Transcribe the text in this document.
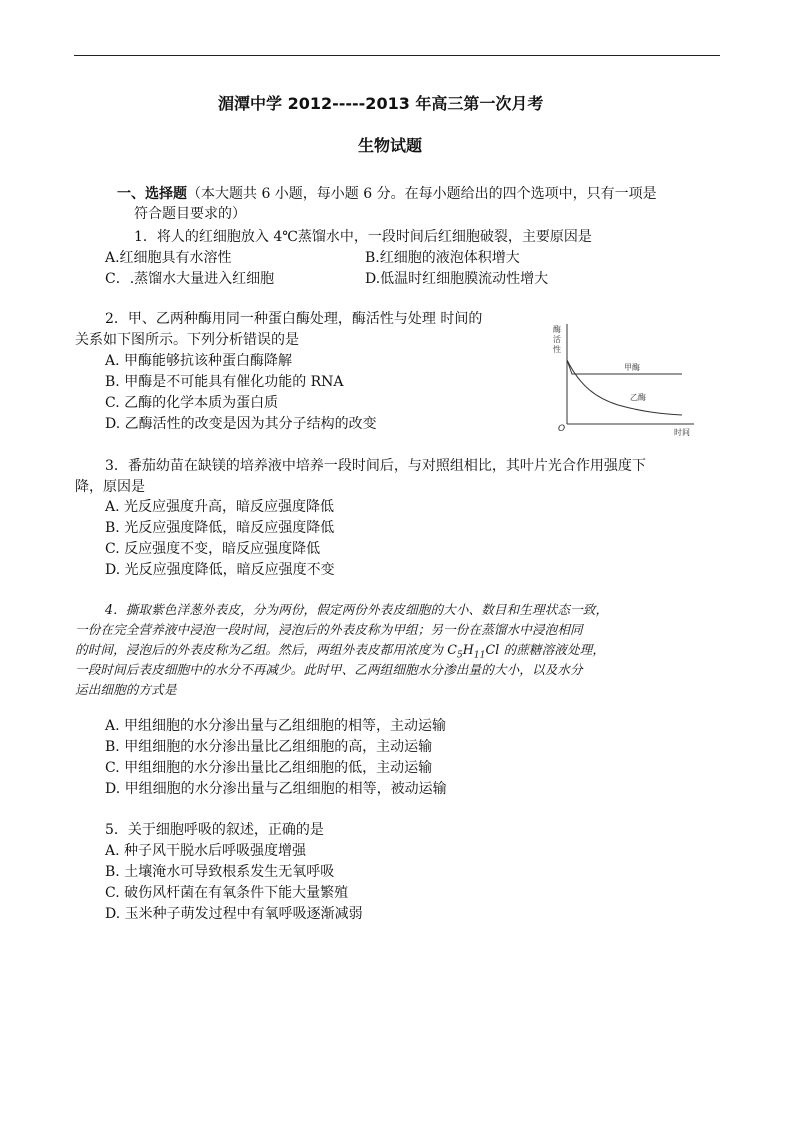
湄潭中学 2012-----2013 年高三第一次月考
生物试题
一、选择题（本大题共 6 小题，每小题 6 分。在每小题给出的四个选项中，只有一项是
符合题目要求的）
1．将人的红细胞放入 4℃蒸馏水中，一段时间后红细胞破裂，主要原因是
A.红细胞具有水溶性	B.红细胞的液泡体积增大
C．.蒸馏水大量进入红细胞	D.低温时红细胞膜流动性增大
2．甲、乙两种酶用同一种蛋白酶处理，酶活性与处理 时间的
关系如下图所示。下列分析错误的是
A. 甲酶能够抗该种蛋白酶降解
B. 甲酶是不可能具有催化功能的 RNA
C. 乙酶的化学本质为蛋白质
D. 乙酶活性的改变是因为其分子结构的改变
酶
活
性
O	时间
甲酶
乙酶
3．番茄幼苗在缺镁的培养液中培养一段时间后，与对照组相比，其叶片光合作用强度下
降，原因是
A. 光反应强度升高，暗反应强度降低
B. 光反应强度降低，暗反应强度降低
C. 反应强度不变，暗反应强度降低
D. 光反应强度降低，暗反应强度不变
4．撕取紫色洋葱外表皮，分为两份，假定两份外表皮细胞的大小、数目和生理状态一致，
一份在完全营养液中浸泡一段时间，浸泡后的外表皮称为甲组；另一份在蒸馏水中浸泡相同
的时间，浸泡后的外表皮称为乙组。然后，两组外表皮都用浓度为 $C_5H_{11}Cl$ 的蔗糖溶液处理，
一段时间后表皮细胞中的水分不再减少。此时甲、乙两组细胞水分渗出量的大小，以及水分
运出细胞的方式是
A. 甲组细胞的水分渗出量与乙组细胞的相等，主动运输
B. 甲组细胞的水分渗出量比乙组细胞的高，主动运输
C. 甲组细胞的水分渗出量比乙组细胞的低，主动运输
D. 甲组细胞的水分渗出量与乙组细胞的相等，被动运输
5．关于细胞呼吸的叙述，正确的是
A. 种子风干脱水后呼吸强度增强
B. 土壤淹水可导致根系发生无氧呼吸
C. 破伤风杆菌在有氧条件下能大量繁殖
D. 玉米种子萌发过程中有氧呼吸逐渐减弱
